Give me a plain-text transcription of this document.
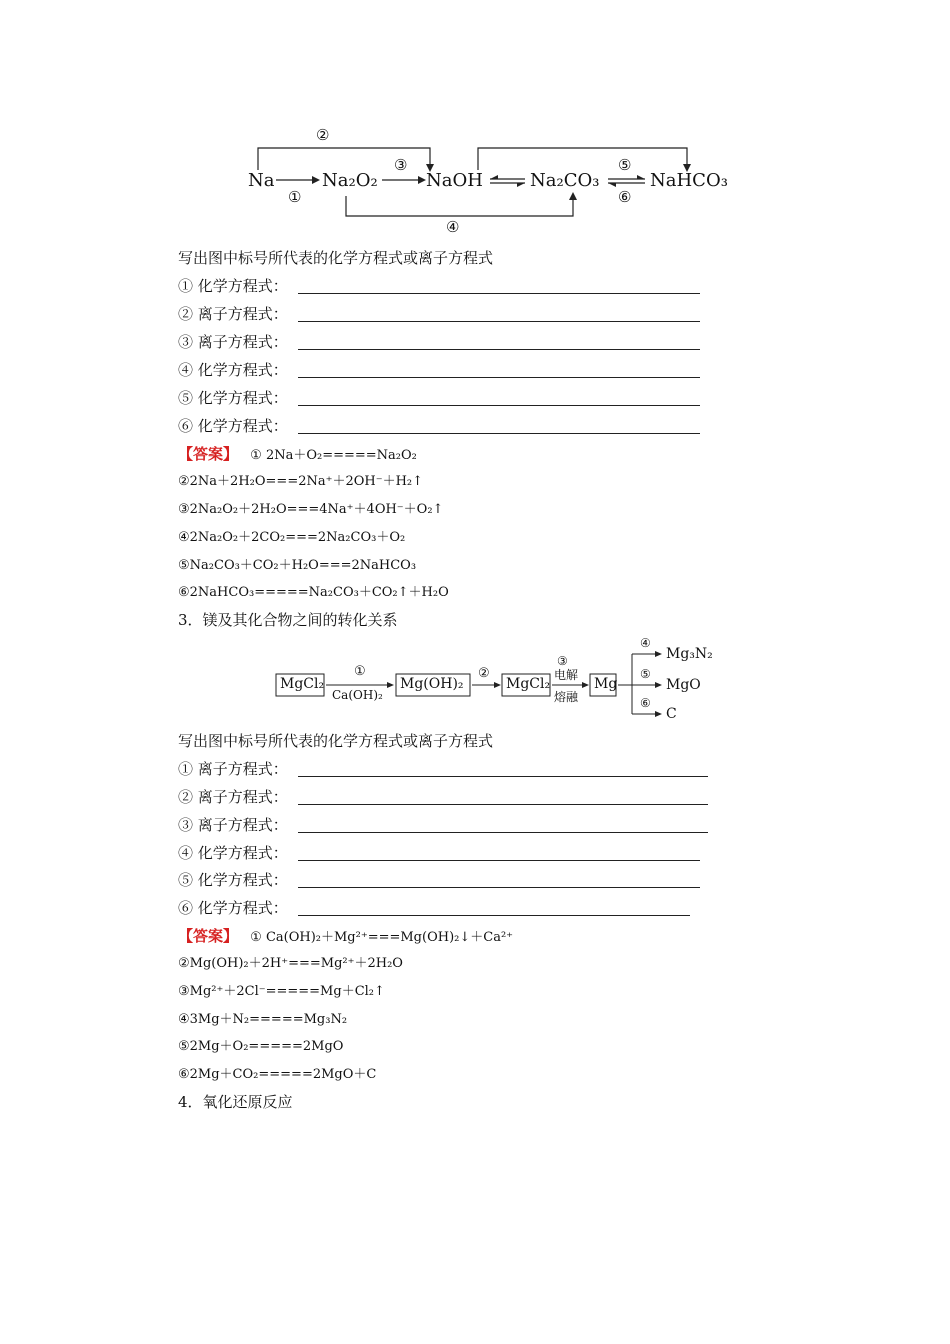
②
③
①
④
⑤
⑥
Na	Na₂O₂	NaOH	Na₂CO₃	NaHCO₃
写出图中标号所代表的化学方程式或离子方程式
① 化学方程式：
② 离子方程式：
③ 离子方程式：
④ 化学方程式：
⑤ 化学方程式：
⑥ 化学方程式：
【答案】 ① 2Na＋O₂=====Na₂O₂
②2Na＋2H₂O===2Na⁺＋2OH⁻＋H₂↑
③2Na₂O₂＋2H₂O===4Na⁺＋4OH⁻＋O₂↑
④2Na₂O₂＋2CO₂===2Na₂CO₃＋O₂
⑤Na₂CO₃＋CO₂＋H₂O===2NaHCO₃
⑥2NaHCO₃=====Na₂CO₃＋CO₂↑＋H₂O
3．镁及其化合物之间的转化关系
MgCl₂
①
Ca(OH)₂
Mg(OH)₂
②
MgCl₂
③
电解
熔融
Mg
④
Mg₃N₂
⑤
MgO
⑥
C
写出图中标号所代表的化学方程式或离子方程式
① 离子方程式：
② 离子方程式：
③ 离子方程式：
④ 化学方程式：
⑤ 化学方程式：
⑥ 化学方程式：
【答案】 ① Ca(OH)₂＋Mg²⁺===Mg(OH)₂↓＋Ca²⁺
②Mg(OH)₂＋2H⁺===Mg²⁺＋2H₂O
③Mg²⁺＋2Cl⁻=====Mg＋Cl₂↑
④3Mg＋N₂=====Mg₃N₂
⑤2Mg＋O₂=====2MgO
⑥2Mg＋CO₂=====2MgO＋C
4．氧化还原反应
